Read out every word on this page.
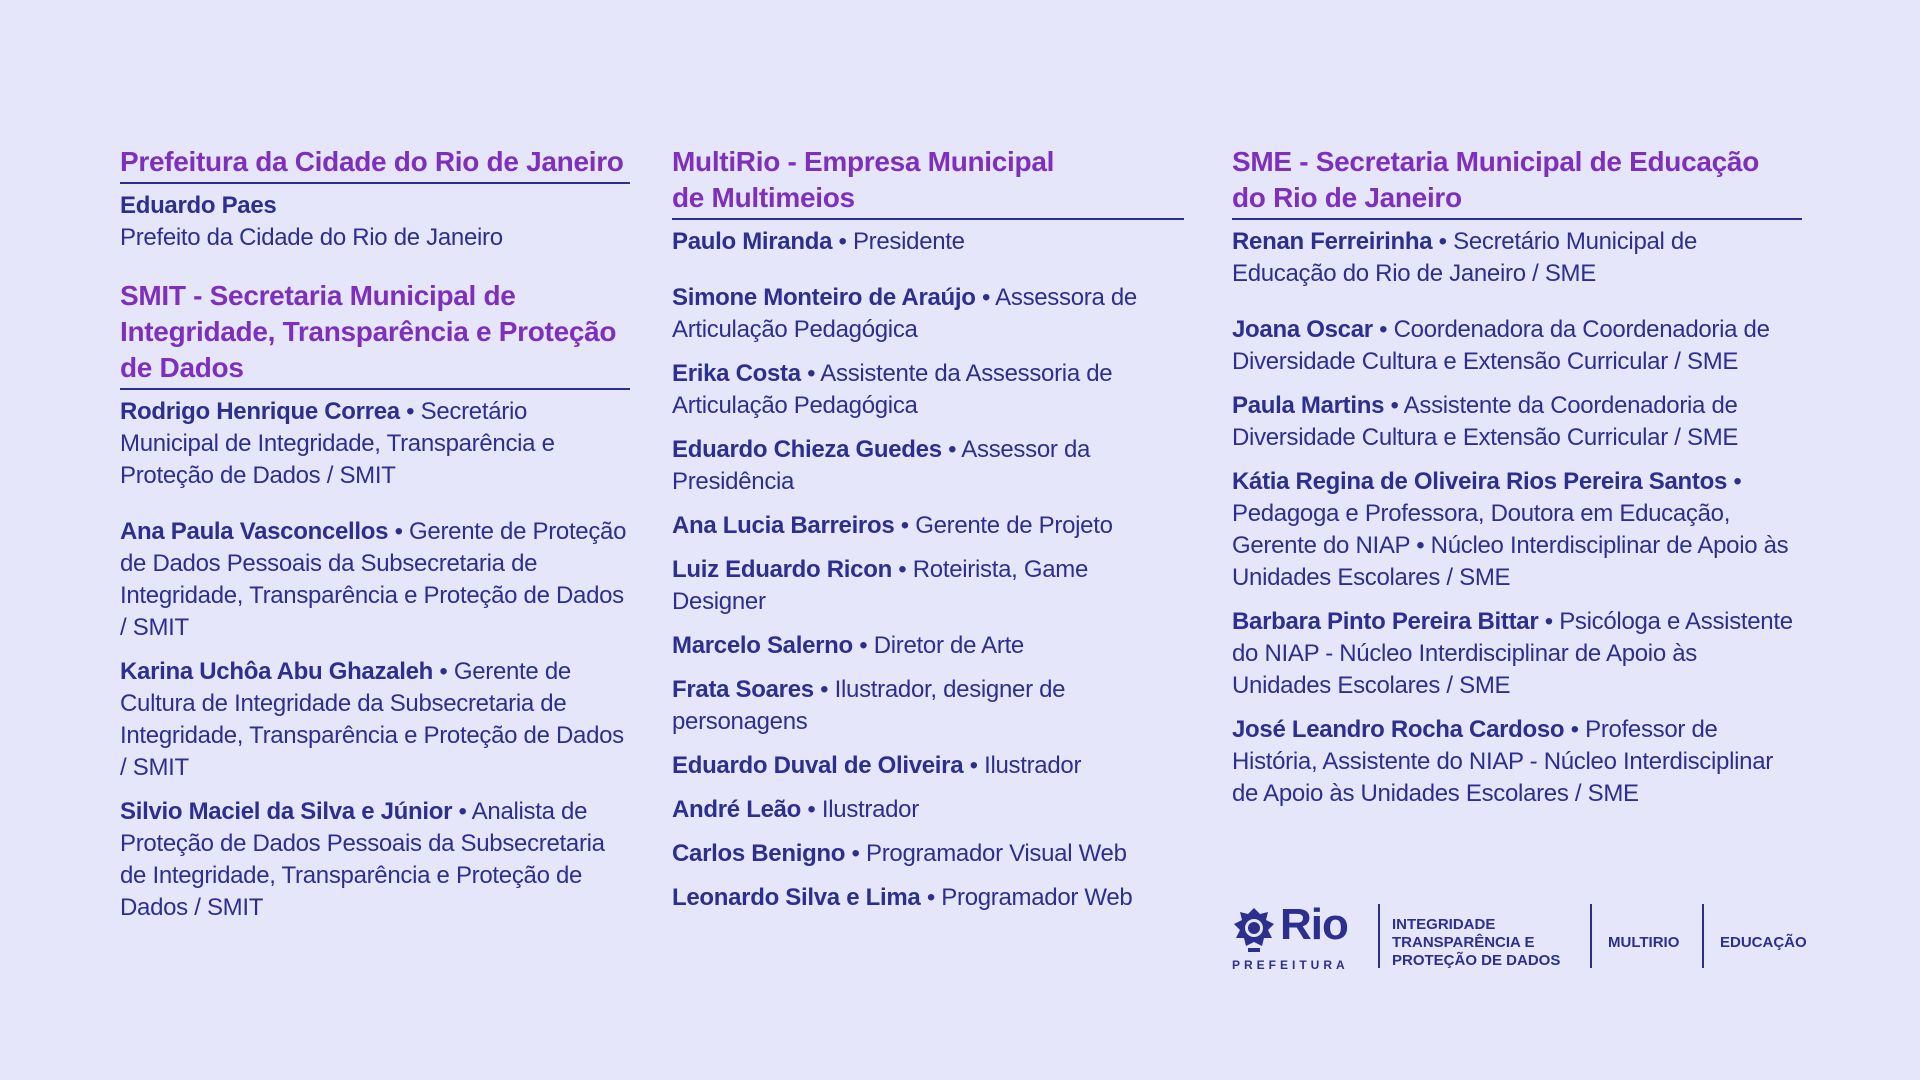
Prefeitura da Cidade do Rio de Janeiro

Eduardo Paes
Prefeito da Cidade do Rio de Janeiro

SMIT - Secretaria Municipal de Integridade, Transparência e Proteção de Dados

Rodrigo Henrique Correa • Secretário Municipal de Integridade, Transparência e Proteção de Dados / SMIT

Ana Paula Vasconcellos • Gerente de Proteção de Dados Pessoais da Subsecretaria de Integridade, Transparência e Proteção de Dados / SMIT

Karina Uchôa Abu Ghazaleh • Gerente de Cultura de Integridade da Subsecretaria de Integridade, Transparência e Proteção de Dados / SMIT

Silvio Maciel da Silva e Júnior • Analista de Proteção de Dados Pessoais da Subsecretaria de Integridade, Transparência e Proteção de Dados / SMIT

MultiRio - Empresa Municipal
de Multimeios

Paulo Miranda • Presidente

Simone Monteiro de Araújo • Assessora de Articulação Pedagógica

Erika Costa • Assistente da Assessoria de Articulação Pedagógica

Eduardo Chieza Guedes • Assessor da Presidência

Ana Lucia Barreiros • Gerente de Projeto

Luiz Eduardo Ricon • Roteirista, Game Designer

Marcelo Salerno • Diretor de Arte

Frata Soares • Ilustrador, designer de personagens

Eduardo Duval de Oliveira • Ilustrador

André Leão • Ilustrador

Carlos Benigno • Programador Visual Web

Leonardo Silva e Lima • Programador Web

SME - Secretaria Municipal de Educação
do Rio de Janeiro

Renan Ferreirinha • Secretário Municipal de Educação do Rio de Janeiro / SME

Joana Oscar • Coordenadora da Coordenadoria de Diversidade Cultura e Extensão Curricular / SME

Paula Martins • Assistente da Coordenadoria de Diversidade Cultura e Extensão Curricular / SME

Kátia Regina de Oliveira Rios Pereira Santos • Pedagoga e Professora, Doutora em Educação, Gerente do NIAP • Núcleo Interdisciplinar de Apoio às Unidades Escolares / SME

Barbara Pinto Pereira Bittar • Psicóloga e Assistente do NIAP - Núcleo Interdisciplinar de Apoio às Unidades Escolares / SME

José Leandro Rocha Cardoso • Professor de História, Assistente do NIAP - Núcleo Interdisciplinar de Apoio às Unidades Escolares / SME

Rio
PREFEITURA
INTEGRIDADE
TRANSPARÊNCIA E
PROTEÇÃO DE DADOS
MULTIRIO	EDUCAÇÃO
